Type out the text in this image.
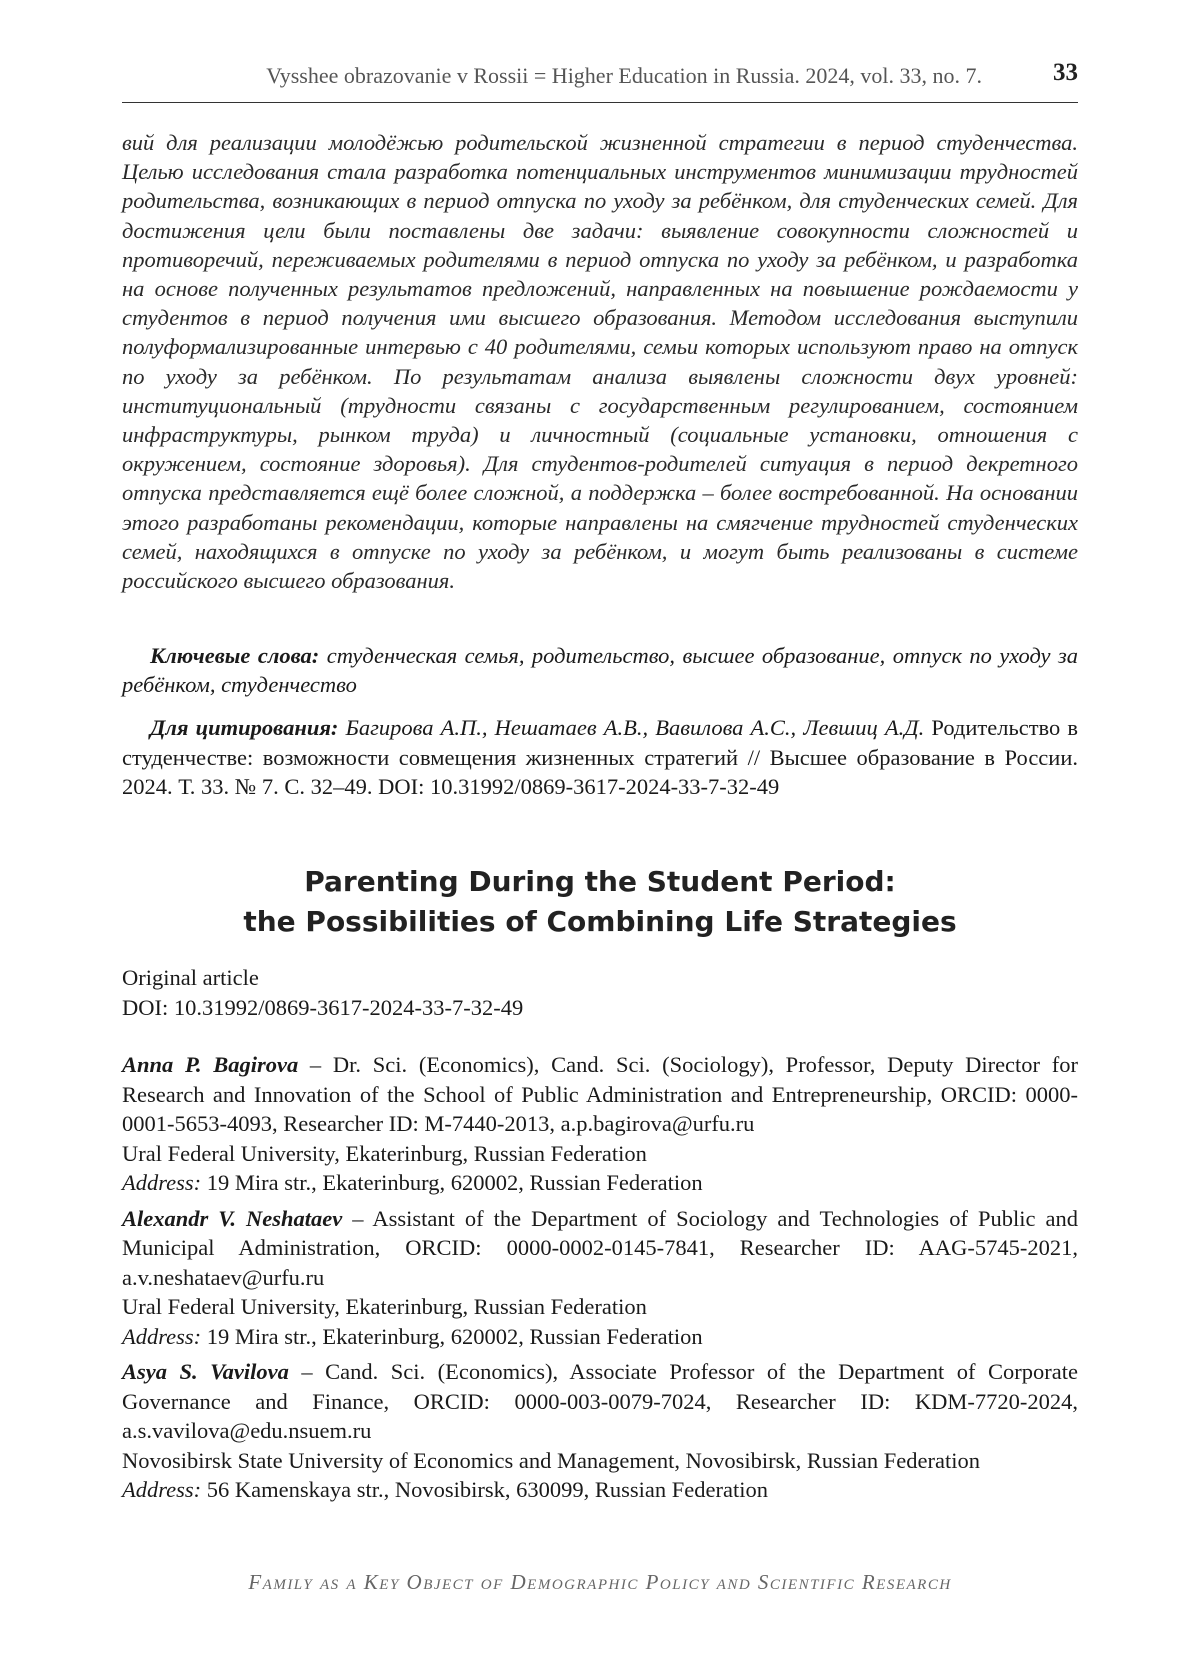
Vysshee obrazovanie v Rossii = Higher Education in Russia. 2024, vol. 33, no. 7.	33

вий для реализации молодёжью родительской жизненной стратегии в период студенчества. Целью исследования стала разработка потенциальных инструментов минимизации трудностей родительства, возникающих в период отпуска по уходу за ребёнком, для студенческих семей. Для достижения цели были поставлены две задачи: выявление совокупности сложностей и противоречий, переживаемых родителями в период отпуска по уходу за ребёнком, и разработка на основе полученных результатов предложений, направленных на повышение рождаемости у студентов в период получения ими высшего образования. Методом исследования выступили полуформализированные интервью с 40 родителями, семьи которых используют право на отпуск по уходу за ребёнком. По результатам анализа выявлены сложности двух уровней: институциональный (трудности связаны с государственным регулированием, состоянием инфраструктуры, рынком труда) и личностный (социальные установки, отношения с окружением, состояние здоровья). Для студентов-родителей ситуация в период декретного отпуска представляется ещё более сложной, а поддержка – более востребованной. На основании этого разработаны рекомендации, которые направлены на смягчение трудностей студенческих семей, находящихся в отпуске по уходу за ребёнком, и могут быть реализованы в системе российского высшего образования.

Ключевые слова: студенческая семья, родительство, высшее образование, отпуск по уходу за ребёнком, студенчество

Для цитирования: Багирова А.П., Нешатаев А.В., Вавилова А.С., Левшиц А.Д. Родительство в студенчестве: возможности совмещения жизненных стратегий // Высшее образование в России. 2024. Т. 33. № 7. С. 32–49. DOI: 10.31992/0869-3617-2024-33-7-32-49

Parenting During the Student Period:
the Possibilities of Combining Life Strategies

Original article
DOI: 10.31992/0869-3617-2024-33-7-32-49

Anna P. Bagirova – Dr. Sci. (Economics), Cand. Sci. (Sociology), Professor, Deputy Director for Research and Innovation of the School of Public Administration and Entrepreneurship, ORCID: 0000-0001-5653-4093, Researcher ID: M-7440-2013, a.p.bagirova@urfu.ru
Ural Federal University, Ekaterinburg, Russian Federation
Address: 19 Mira str., Ekaterinburg, 620002, Russian Federation
Alexandr V. Neshataev – Assistant of the Department of Sociology and Technologies of Public and Municipal Administration, ORCID: 0000-0002-0145-7841, Researcher ID: AAG-5745-2021, a.v.neshataev@urfu.ru
Ural Federal University, Ekaterinburg, Russian Federation
Address: 19 Mira str., Ekaterinburg, 620002, Russian Federation
Asya S. Vavilova – Cand. Sci. (Economics), Associate Professor of the Department of Corporate Governance and Finance, ORCID: 0000-003-0079-7024, Researcher ID: KDM-7720-2024, a.s.vavilova@edu.nsuem.ru
Novosibirsk State University of Economics and Management, Novosibirsk, Russian Federation
Address: 56 Kamenskaya str., Novosibirsk, 630099, Russian Federation
Family as a Key Object of Demographic Policy and Scientific Research
